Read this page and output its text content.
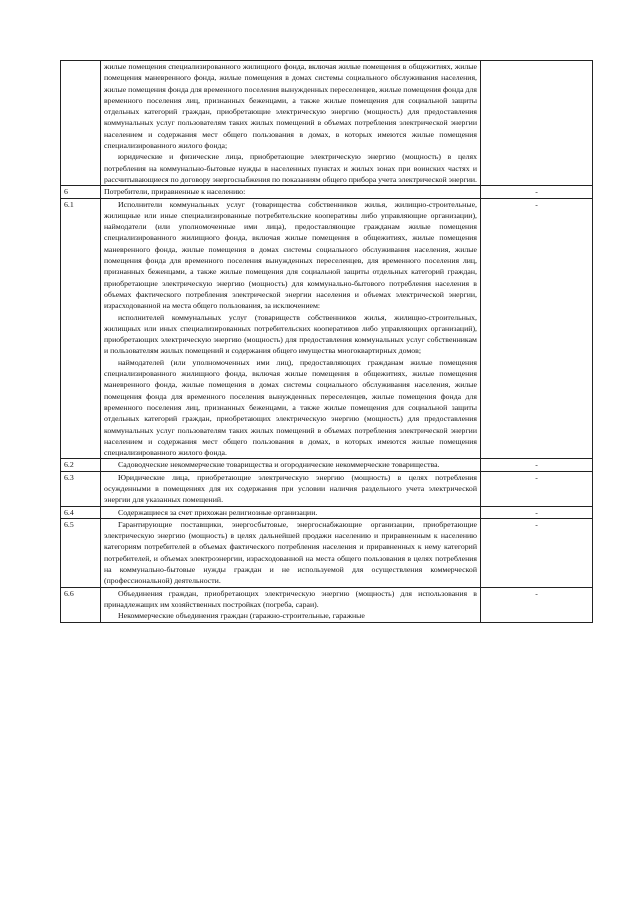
	жилые помещения специализированного жилищного фонда, включая жилые помещения в общежитиях, жилые помещения маневренного фонда, жилые помещения в домах системы социального обслуживания населения, жилые помещения фонда для временного поселения вынужденных переселенцев, жилые помещения фонда для временного поселения лиц, признанных беженцами, а также жилые помещения для социальной защиты отдельных категорий граждан, приобретающие электрическую энергию (мощность) для предоставления коммунальных услуг пользователям таких жилых помещений в объемах потребления электрической энергии населением и содержания мест общего пользования в домах, в которых имеются жилые помещения специализированного жилого фонда;

юридические и физические лица, приобретающие электрическую энергию (мощность) в целях потребления на коммунально-бытовые нужды в населенных пунктах и жилых зонах при воинских частях и рассчитывающиеся по договору энергоснабжения по показаниям общего прибора учета электрической энергии.	

6	Потребители, приравненные к населению:	-
6.1	Исполнители коммунальных услуг (товарищества собственников жилья, жилищно-строительные, жилищные или иные специализированные потребительские кооперативы либо управляющие организации), наймодатели (или уполномоченные ими лица), предоставляющие гражданам жилые помещения специализированного жилищного фонда, включая жилые помещения в общежитиях, жилые помещения маневренного фонда, жилые помещения в домах системы социального обслуживания населения, жилые помещения фонда для временного поселения вынужденных переселенцев, для временного поселения лиц, признанных беженцами, а также жилые помещения для социальной защиты отдельных категорий граждан, приобретающие электрическую энергию (мощность) для коммунально-бытового потребления населения в объемах фактического потребления электрической энергии населения и объемах электрической энергии, израсходованной на места общего пользования, за исключением:

исполнителей коммунальных услуг (товариществ собственников жилья, жилищно-строительных, жилищных или иных специализированных потребительских кооперативов либо управляющих организаций), приобретающих электрическую энергию (мощность) для предоставления коммунальных услуг собственникам и пользователям жилых помещений и содержания общего имущества многоквартирных домов;

наймодателей (или уполномоченных ими лиц), предоставляющих гражданам жилые помещения специализированного жилищного фонда, включая жилые помещения в общежитиях, жилые помещения маневренного фонда, жилые помещения в домах системы социального обслуживания населения, жилые помещения фонда для временного поселения вынужденных переселенцев, жилые помещения фонда для временного поселения лиц, признанных беженцами, а также жилые помещения для социальной защиты отдельных категорий граждан, приобретающих электрическую энергию (мощность) для предоставления коммунальных услуг пользователям таких жилых помещений в объемах потребления электрической энергии населением и содержания мест общего пользования в домах, в которых имеются жилые помещения специализированного жилого фонда.	-
6.2	Садоводческие некоммерческие товарищества и огороднические некоммерческие товарищества.	-
6.3	Юридические лица, приобретающие электрическую энергию (мощность) в целях потребления осужденными в помещениях для их содержания при условии наличия раздельного учета электрической энергии для указанных помещений.	-
6.4	Содержащиеся за счет прихожан религиозные организации.	-
6.5	Гарантирующие поставщики, энергосбытовые, энергоснабжающие организации, приобретающие электрическую энергию (мощность) в целях дальнейшей продажи населению и приравненным к населению категориям потребителей в объемах фактического потребления населения и приравненных к нему категорий потребителей, и объемах электроэнергии, израсходованной на места общего пользования в целях потребления на коммунально-бытовые нужды граждан и не используемой для осуществления коммерческой (профессиональной) деятельности.	-
6.6	Объединения граждан, приобретающих электрическую энергию (мощность) для использования в принадлежащих им хозяйственных постройках (погреба, сараи).

Некоммерческие объединения граждан (гаражно-строительные, гаражные	-
